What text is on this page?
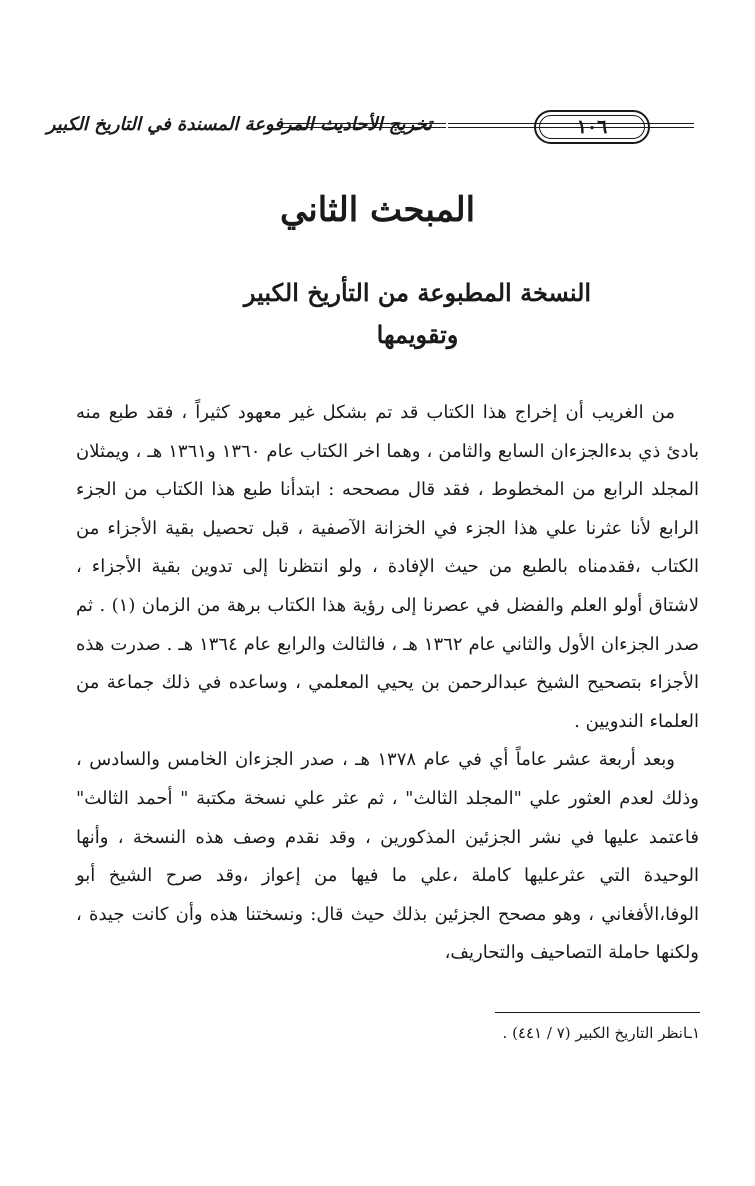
تخريج الأحاديث المرفوعة المسندة في التاريخ الكبير	١٠٦
المبحث الثاني
النسخة المطبوعة من التأريخ الكبير
وتقويمها

من الغريب أن إخراج هذا الكتاب قد تم بشكل غير معهود كثيراً ، فقد طبع منه بادئ ذي بدءالجزءان السابع والثامن ، وهما اخر الكتاب عام ١٣٦٠ و١٣٦١ هـ ، ويمثلان المجلد الرابع من المخطوط ، فقد قال مصححه : ابتدأنا طبع هذا الكتاب من الجزء الرابع لأنا عثرنا علي هذا الجزء في الخزانة الآصفية ، قبل تحصيل بقية الأجزاء من الكتاب ،فقدمناه بالطبع من حيث الإفادة ، ولو انتظرنا إلى تدوين بقية الأجزاء ، لاشتاق أولو العلم والفضل في عصرنا إلى رؤية هذا الكتاب برهة من الزمان (١) . ثم صدر الجزءان الأول والثاني عام ١٣٦٢ هـ ، فالثالث والرابع عام ١٣٦٤ هـ . صدرت هذه الأجزاء بتصحيح الشيخ عبدالرحمن بن يحيي المعلمي ، وساعده في ذلك جماعة من العلماء الندويين .

وبعد أربعة عشر عاماً أي في عام ١٣٧٨ هـ ، صدر الجزءان الخامس والسادس ، وذلك لعدم العثور علي "المجلد الثالث" ، ثم عثر علي نسخة مكتبة " أحمد الثالث" فاعتمد عليها في نشر الجزئين المذكورين ، وقد نقدم وصف هذه النسخة ، وأنها الوحيدة التي عثرعليها كاملة ،علي ما فيها من إعواز ،وقد صرح الشيخ أبو الوفا،الأفغاني ، وهو مصحح الجزئين بذلك حيث قال: ونسختنا هذه وأن كانت جيدة ، ولكنها حاملة التصاحيف والتحاريف،

١ـانظر التاريخ الكبير (٧ / ٤٤١) .
